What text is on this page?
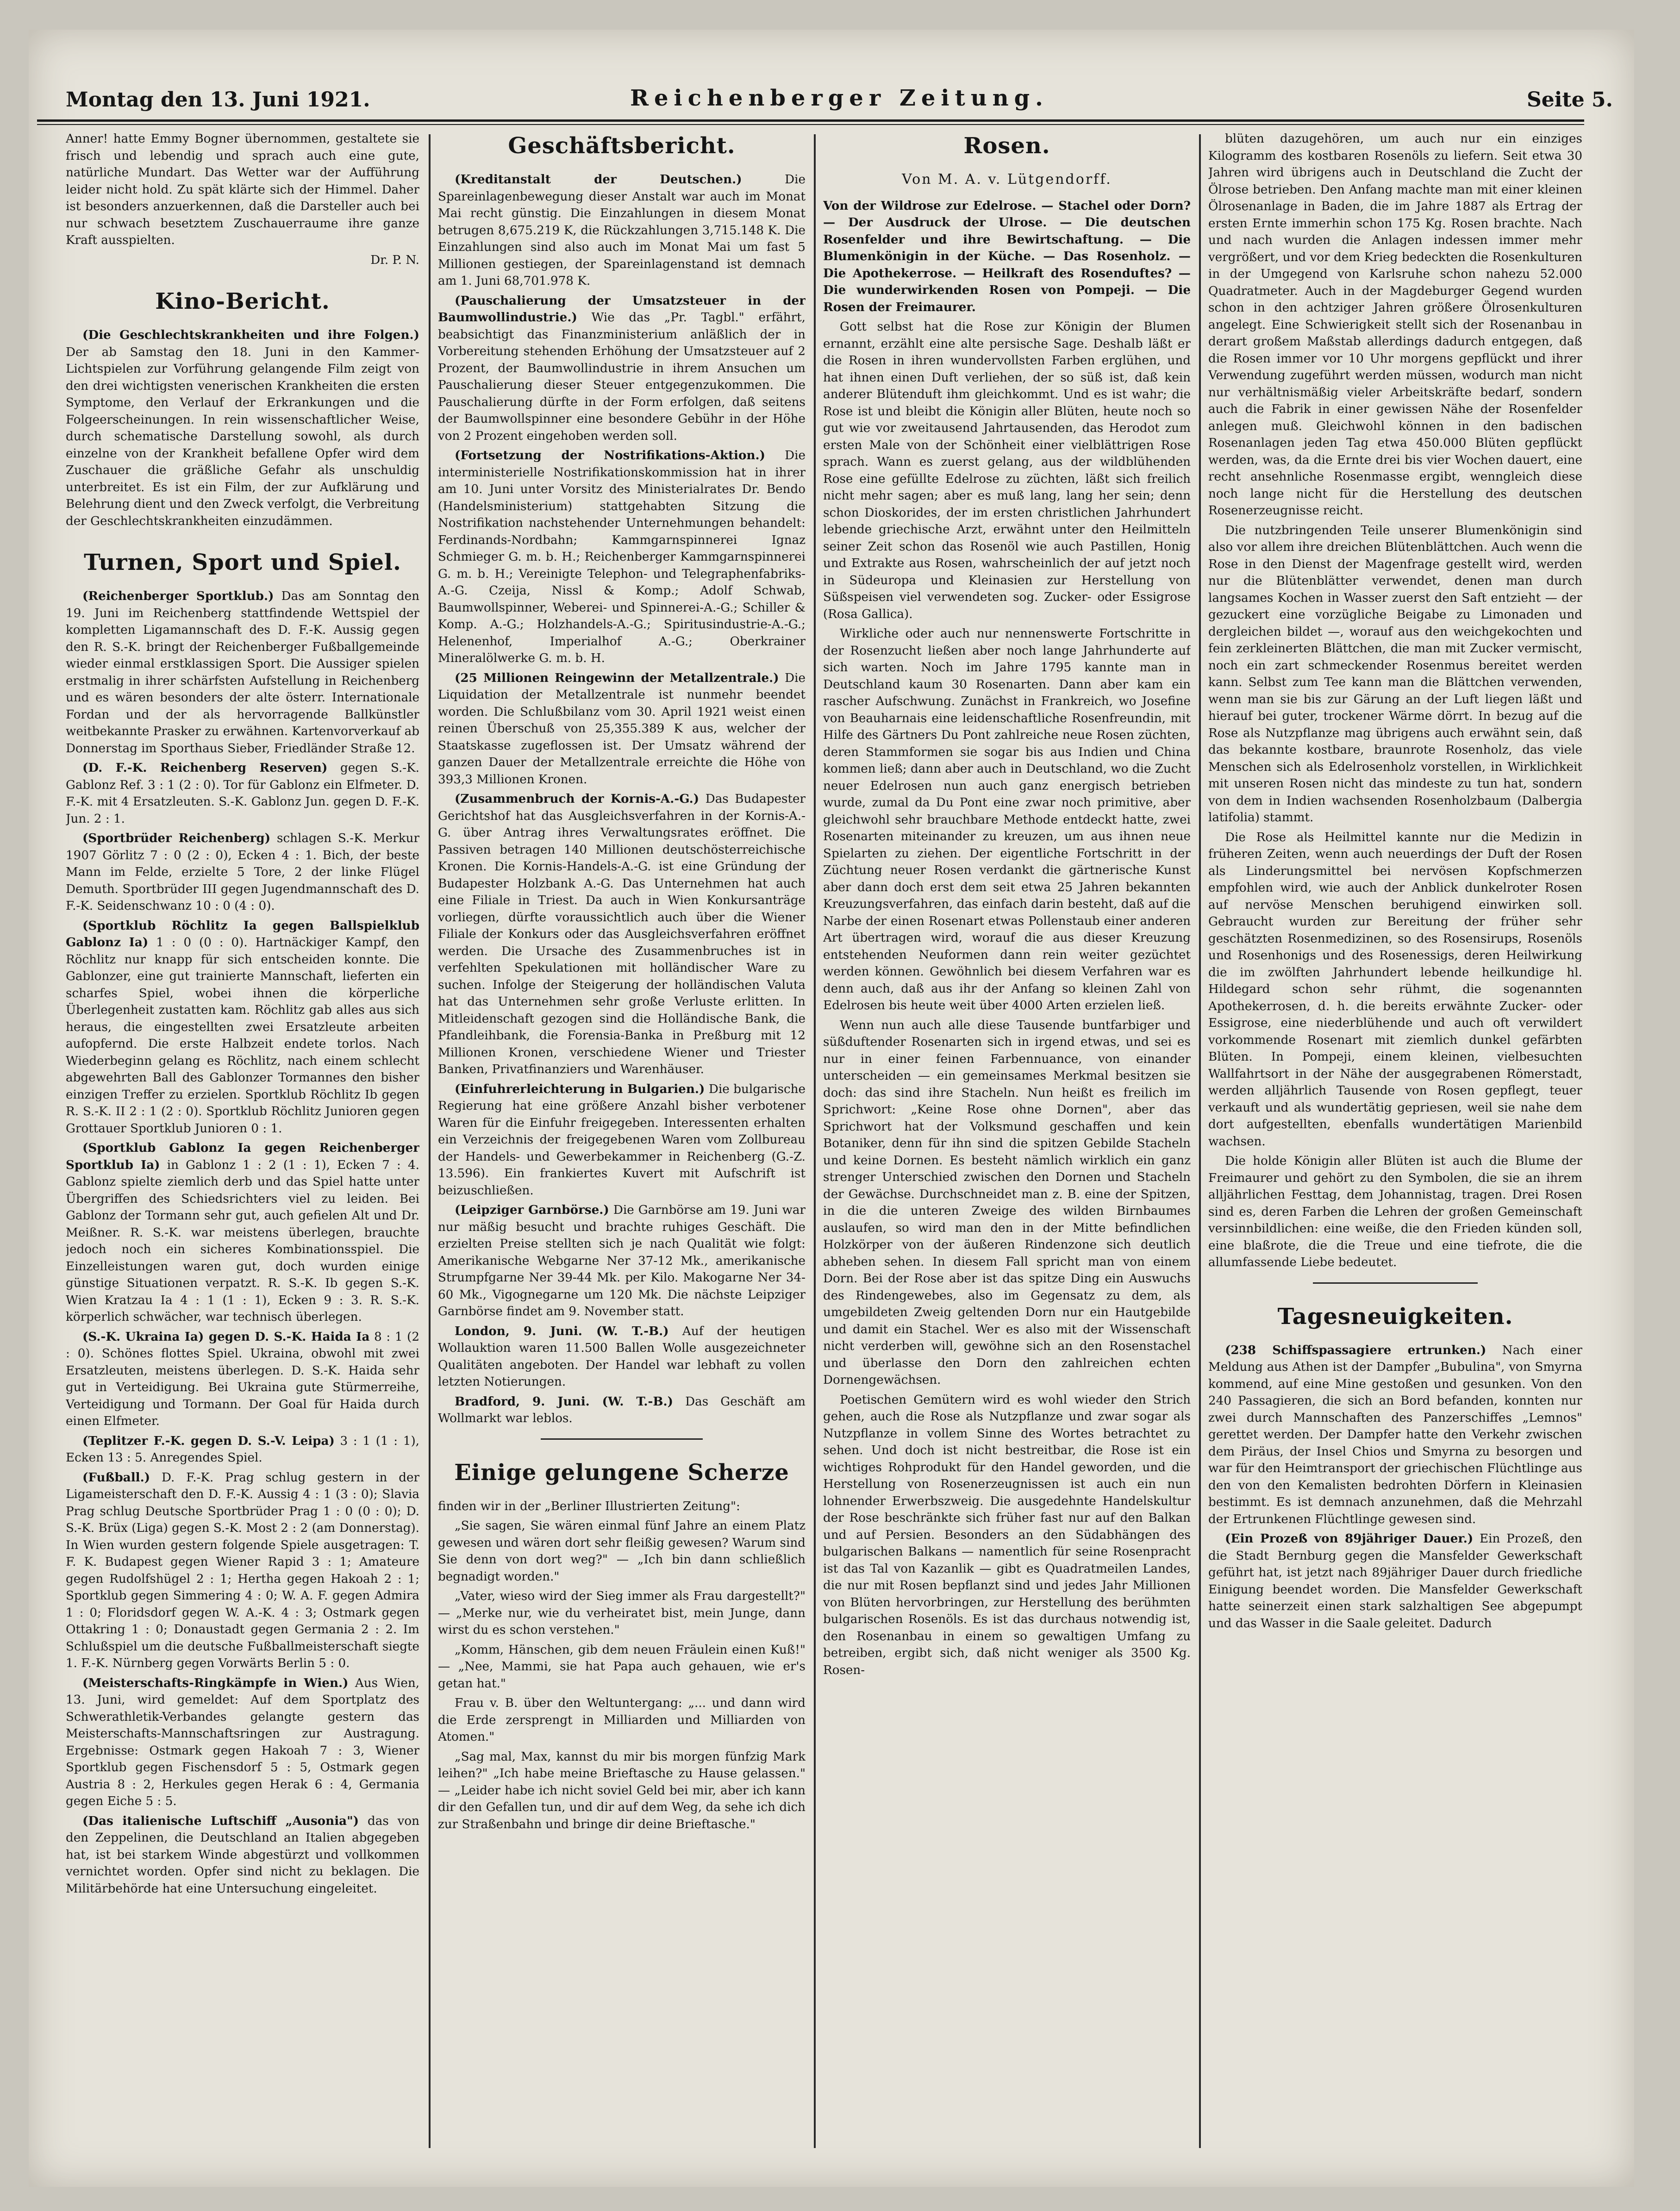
Montag den 13. Juni 1921.	Reichenberger Zeitung.	Seite 5.

Anner! hatte Emmy Bogner übernommen, gestaltete sie frisch und lebendig und sprach auch eine gute, natürliche Mundart. Das Wetter war der Aufführung leider nicht hold. Zu spät klärte sich der Himmel. Daher ist besonders anzuerkennen, daß die Darsteller auch bei nur schwach besetztem Zuschauerraume ihre ganze Kraft ausspielten.

Dr. P. N.

Kino-Bericht.

(Die Geschlechtskrankheiten und ihre Folgen.) Der ab Samstag den 18. Juni in den Kammer-Lichtspielen zur Vorführung gelangende Film zeigt von den drei wichtigsten venerischen Krankheiten die ersten Symptome, den Verlauf der Erkrankungen und die Folgeerscheinungen. In rein wissenschaftlicher Weise, durch schematische Darstellung sowohl, als durch einzelne von der Krankheit befallene Opfer wird dem Zuschauer die gräßliche Gefahr als unschuldig unterbreitet. Es ist ein Film, der zur Aufklärung und Belehrung dient und den Zweck verfolgt, die Verbreitung der Geschlechtskrankheiten einzudämmen.

Turnen, Sport und Spiel.

(Reichenberger Sportklub.) Das am Sonntag den 19. Juni im Reichenberg stattfindende Wettspiel der kompletten Ligamannschaft des D. F.-K. Aussig gegen den R. S.-K. bringt der Reichenberger Fußballgemeinde wieder einmal erstklassigen Sport. Die Aussiger spielen erstmalig in ihrer schärfsten Aufstellung in Reichenberg und es wären besonders der alte österr. Internationale Fordan und der als hervorragende Ballkünstler weitbekannte Prasker zu erwähnen. Kartenvorverkauf ab Donnerstag im Sporthaus Sieber, Friedländer Straße 12.

(D. F.-K. Reichenberg Reserven) gegen S.-K. Gablonz Ref. 3 : 1 (2 : 0). Tor für Gablonz ein Elfmeter. D. F.-K. mit 4 Ersatzleuten. S.-K. Gablonz Jun. gegen D. F.-K. Jun. 2 : 1.

(Sportbrüder Reichenberg) schlagen S.-K. Merkur 1907 Görlitz 7 : 0 (2 : 0), Ecken 4 : 1. Bich, der beste Mann im Felde, erzielte 5 Tore, 2 der linke Flügel Demuth. Sportbrüder III gegen Jugendmannschaft des D. F.-K. Seidenschwanz 10 : 0 (4 : 0).

(Sportklub Röchlitz Ia gegen Ballspielklub Gablonz Ia) 1 : 0 (0 : 0). Hartnäckiger Kampf, den Röchlitz nur knapp für sich entscheiden konnte. Die Gablonzer, eine gut trainierte Mannschaft, lieferten ein scharfes Spiel, wobei ihnen die körperliche Überlegenheit zustatten kam. Röchlitz gab alles aus sich heraus, die eingestellten zwei Ersatzleute arbeiten aufopfernd. Die erste Halbzeit endete torlos. Nach Wiederbeginn gelang es Röchlitz, nach einem schlecht abgewehrten Ball des Gablonzer Tormannes den bisher einzigen Treffer zu erzielen. Sportklub Röchlitz Ib gegen R. S.-K. II 2 : 1 (2 : 0). Sportklub Röchlitz Junioren gegen Grottauer Sportklub Junioren 0 : 1.

(Sportklub Gablonz Ia gegen Reichenberger Sportklub Ia) in Gablonz 1 : 2 (1 : 1), Ecken 7 : 4. Gablonz spielte ziemlich derb und das Spiel hatte unter Übergriffen des Schiedsrichters viel zu leiden. Bei Gablonz der Tormann sehr gut, auch gefielen Alt und Dr. Meißner. R. S.-K. war meistens überlegen, brauchte jedoch noch ein sicheres Kombinationsspiel. Die Einzelleistungen waren gut, doch wurden einige günstige Situationen verpatzt. R. S.-K. Ib gegen S.-K. Wien Kratzau Ia 4 : 1 (1 : 1), Ecken 9 : 3. R. S.-K. körperlich schwächer, war technisch überlegen.

(S.-K. Ukraina Ia) gegen D. S.-K. Haida Ia 8 : 1 (2 : 0). Schönes flottes Spiel. Ukraina, obwohl mit zwei Ersatzleuten, meistens überlegen. D. S.-K. Haida sehr gut in Verteidigung. Bei Ukraina gute Stürmerreihe, Verteidigung und Tormann. Der Goal für Haida durch einen Elfmeter.

(Teplitzer F.-K. gegen D. S.-V. Leipa) 3 : 1 (1 : 1), Ecken 13 : 5. Anregendes Spiel.

(Fußball.) D. F.-K. Prag schlug gestern in der Ligameisterschaft den D. F.-K. Aussig 4 : 1 (3 : 0); Slavia Prag schlug Deutsche Sportbrüder Prag 1 : 0 (0 : 0); D. S.-K. Brüx (Liga) gegen S.-K. Most 2 : 2 (am Donnerstag). In Wien wurden gestern folgende Spiele ausgetragen: T. F. K. Budapest gegen Wiener Rapid 3 : 1; Amateure gegen Rudolfshügel 2 : 1; Hertha gegen Hakoah 2 : 1; Sportklub gegen Simmering 4 : 0; W. A. F. gegen Admira 1 : 0; Floridsdorf gegen W. A.-K. 4 : 3; Ostmark gegen Ottakring 1 : 0; Donaustadt gegen Germania 2 : 2. Im Schlußspiel um die deutsche Fußballmeisterschaft siegte 1. F.-K. Nürnberg gegen Vorwärts Berlin 5 : 0.

(Meisterschafts-Ringkämpfe in Wien.) Aus Wien, 13. Juni, wird gemeldet: Auf dem Sportplatz des Schwerathletik-Verbandes gelangte gestern das Meisterschafts-Mannschaftsringen zur Austragung. Ergebnisse: Ostmark gegen Hakoah 7 : 3, Wiener Sportklub gegen Fischensdorf 5 : 5, Ostmark gegen Austria 8 : 2, Herkules gegen Herak 6 : 4, Germania gegen Eiche 5 : 5.

(Das italienische Luftschiff „Ausonia") das von den Zeppelinen, die Deutschland an Italien abgegeben hat, ist bei starkem Winde abgestürzt und vollkommen vernichtet worden. Opfer sind nicht zu beklagen. Die Militärbehörde hat eine Untersuchung eingeleitet.

Geschäftsbericht.

(Kreditanstalt der Deutschen.)	Die Spareinlagenbewegung dieser Anstalt war auch im Monat Mai recht günstig. Die Einzahlungen in diesem Monat betrugen 8,675.219 K, die Rückzahlungen 3,715.148 K. Die Einzahlungen sind also auch im Monat Mai um fast 5 Millionen gestiegen, der Spareinlagenstand ist demnach am 1. Juni 68,701.978 K.

(Pauschalierung der Umsatzsteuer in der Baumwollindustrie.) Wie das „Pr. Tagbl." erfährt, beabsichtigt das Finanzministerium anläßlich der in Vorbereitung stehenden Erhöhung der Umsatzsteuer auf 2 Prozent, der Baumwollindustrie in ihrem Ansuchen um Pauschalierung dieser Steuer entgegenzukommen. Die Pauschalierung dürfte in der Form erfolgen, daß seitens der Baumwollspinner eine besondere Gebühr in der Höhe von 2 Prozent eingehoben werden soll.

(Fortsetzung der Nostrifikations-Aktion.) Die interministerielle Nostrifikationskommission hat in ihrer am 10. Juni unter Vorsitz des Ministerialrates Dr. Bendo (Handelsministerium) stattgehabten Sitzung die Nostrifikation nachstehender Unternehmungen behandelt: Ferdinands-Nordbahn; Kammgarnspinnerei Ignaz Schmieger G. m. b. H.; Reichenberger Kammgarnspinnerei G. m. b. H.; Vereinigte Telephon- und Telegraphenfabriks-A.-G. Czeija, Nissl & Komp.; Adolf Schwab, Baumwollspinner, Weberei- und Spinnerei-A.-G.; Schiller & Komp. A.-G.; Holzhandels-A.-G.; Spiritusindustrie-A.-G.; Helenenhof, Imperialhof A.-G.; Oberkrainer Mineralölwerke G. m. b. H.

(25 Millionen Reingewinn der Metallzentrale.) Die Liquidation der Metallzentrale ist nunmehr beendet worden. Die Schlußbilanz vom 30. April 1921 weist einen reinen Überschuß von 25,355.389 K aus, welcher der Staatskasse zugeflossen ist. Der Umsatz während der ganzen Dauer der Metallzentrale erreichte die Höhe von 393,3 Millionen Kronen.

(Zusammenbruch der Kornis-A.-G.) Das Budapester Gerichtshof hat das Ausgleichsverfahren in der Kornis-A.-G. über Antrag ihres Verwaltungsrates eröffnet. Die Passiven betragen 140 Millionen deutschösterreichische Kronen. Die Kornis-Handels-A.-G. ist eine Gründung der Budapester Holzbank A.-G. Das Unternehmen hat auch eine Filiale in Triest. Da auch in Wien Konkursanträge vorliegen, dürfte voraussichtlich auch über die Wiener Filiale der Konkurs oder das Ausgleichsverfahren eröffnet werden. Die Ursache des Zusammenbruches ist in verfehlten Spekulationen mit holländischer Ware zu suchen. Infolge der Steigerung der holländischen Valuta hat das Unternehmen sehr große Verluste erlitten. In Mitleidenschaft gezogen sind die Holländische Bank, die Pfandleihbank, die Forensia-Banka in Preßburg mit 12 Millionen Kronen, verschiedene Wiener und Triester Banken, Privatfinanziers und Warenhäuser.

(Einfuhrerleichterung in Bulgarien.) Die bulgarische Regierung hat eine größere Anzahl bisher verbotener Waren für die Einfuhr freigegeben. Interessenten erhalten ein Verzeichnis der freigegebenen Waren vom Zollbureau der Handels- und Gewerbekammer in Reichenberg (G.-Z. 13.596). Ein frankiertes Kuvert mit Aufschrift ist beizuschließen.

(Leipziger Garnbörse.) Die Garnbörse am 19. Juni war nur mäßig besucht und brachte ruhiges Geschäft. Die erzielten Preise stellten sich je nach Qualität wie folgt: Amerikanische Webgarne Ner 37-12 Mk., amerikanische Strumpfgarne Ner 39-44 Mk. per Kilo. Makogarne Ner 34-60 Mk., Vigognegarne um 120 Mk. Die nächste Leipziger Garnbörse findet am 9. November statt.

London, 9. Juni. (W. T.-B.) Auf der heutigen Wollauktion waren 11.500 Ballen Wolle ausgezeichneter Qualitäten angeboten. Der Handel war lebhaft zu vollen letzten Notierungen.

Bradford, 9. Juni. (W. T.-B.) Das Geschäft am Wollmarkt war leblos.

Einige gelungene Scherze

finden wir in der „Berliner Illustrierten Zeitung":

„Sie sagen, Sie wären einmal fünf Jahre an einem Platz gewesen und wären dort sehr fleißig gewesen? Warum sind Sie denn von dort weg?" — „Ich bin dann schließlich begnadigt worden."

„Vater, wieso wird der Sieg immer als Frau dargestellt?" — „Merke nur, wie du verheiratet bist, mein Junge, dann wirst du es schon verstehen."

„Komm, Hänschen, gib dem neuen Fräulein einen Kuß!" — „Nee, Mammi, sie hat Papa auch gehauen, wie er's getan hat."

Frau v. B. über den Weltuntergang: „... und dann wird die Erde zersprengt in Milliarden und Milliarden von Atomen."

„Sag mal, Max, kannst du mir bis morgen fünfzig Mark leihen?" „Ich habe meine Brieftasche zu Hause gelassen." — „Leider habe ich nicht soviel Geld bei mir, aber ich kann dir den Gefallen tun, und dir auf dem Weg, da sehe ich dich zur Straßenbahn und bringe dir deine Brieftasche."

Rosen.
Von M. A. v. Lütgendorff.

Von der Wildrose zur Edelrose. — Stachel oder Dorn? — Der Ausdruck der Ulrose. — Die deutschen Rosenfelder und ihre Bewirtschaftung. — Die Blumenkönigin in der Küche. — Das Rosenholz. — Die Apothekerrose. — Heilkraft des Rosenduftes? — Die wunderwirkenden Rosen von Pompeji. — Die Rosen der Freimaurer.

Gott selbst hat die Rose zur Königin der Blumen ernannt, erzählt eine alte persische Sage. Deshalb läßt er die Rosen in ihren wundervollsten Farben erglühen, und hat ihnen einen Duft verliehen, der so süß ist, daß kein anderer Blütenduft ihm gleichkommt. Und es ist wahr; die Rose ist und bleibt die Königin aller Blüten, heute noch so gut wie vor zweitausend Jahrtausenden, das Herodot zum ersten Male von der Schönheit einer vielblättrigen Rose sprach. Wann es zuerst gelang, aus der wildblühenden Rose eine gefüllte Edelrose zu züchten, läßt sich freilich nicht mehr sagen; aber es muß lang, lang her sein; denn schon Dioskorides, der im ersten christlichen Jahrhundert lebende griechische Arzt, erwähnt unter den Heilmitteln seiner Zeit schon das Rosenöl wie auch Pastillen, Honig und Extrakte aus Rosen, wahrscheinlich der auf jetzt noch in Südeuropa und Kleinasien zur Herstellung von Süßspeisen viel verwendeten sog. Zucker- oder Essigrose (Rosa Gallica).

Wirkliche oder auch nur nennenswerte Fortschritte in der Rosenzucht ließen aber noch lange Jahrhunderte auf sich warten. Noch im Jahre 1795 kannte man in Deutschland kaum 30 Rosenarten. Dann aber kam ein rascher Aufschwung. Zunächst in Frankreich, wo Josefine von Beauharnais eine leidenschaftliche Rosenfreundin, mit Hilfe des Gärtners Du Pont zahlreiche neue Rosen züchten, deren Stammformen sie sogar bis aus Indien und China kommen ließ; dann aber auch in Deutschland, wo die Zucht neuer Edelrosen nun auch ganz energisch betrieben wurde, zumal da Du Pont eine zwar noch primitive, aber gleichwohl sehr brauchbare Methode entdeckt hatte, zwei Rosenarten miteinander zu kreuzen, um aus ihnen neue Spielarten zu ziehen. Der eigentliche Fortschritt in der Züchtung neuer Rosen verdankt die gärtnerische Kunst aber dann doch erst dem seit etwa 25 Jahren bekannten Kreuzungsverfahren, das einfach darin besteht, daß auf die Narbe der einen Rosenart etwas Pollenstaub einer anderen Art übertragen wird, worauf die aus dieser Kreuzung entstehenden Neuformen dann rein weiter gezüchtet werden können. Gewöhnlich bei diesem Verfahren war es denn auch, daß aus ihr der Anfang so kleinen Zahl von Edelrosen bis heute weit über 4000 Arten erzielen ließ.

Wenn nun auch alle diese Tausende buntfarbiger und süßduftender Rosenarten sich in irgend etwas, und sei es nur in einer feinen Farbennuance, von einander unterscheiden — ein gemeinsames Merkmal besitzen sie doch: das sind ihre Stacheln. Nun heißt es freilich im Sprichwort: „Keine Rose ohne Dornen", aber das Sprichwort hat der Volksmund geschaffen und kein Botaniker, denn für ihn sind die spitzen Gebilde Stacheln und keine Dornen. Es besteht nämlich wirklich ein ganz strenger Unterschied zwischen den Dornen und Stacheln der Gewächse. Durchschneidet man z. B. eine der Spitzen, in die die unteren Zweige des wilden Birnbaumes auslaufen, so wird man den in der Mitte befindlichen Holzkörper von der äußeren Rindenzone sich deutlich abheben sehen. In diesem Fall spricht man von einem Dorn. Bei der Rose aber ist das spitze Ding ein Auswuchs des Rindengewebes, also im Gegensatz zu dem, als umgebildeten Zweig geltenden Dorn nur ein Hautgebilde und damit ein Stachel. Wer es also mit der Wissenschaft nicht verderben will, gewöhne sich an den Rosenstachel und überlasse den Dorn den zahlreichen echten Dornengewächsen.

Poetischen Gemütern wird es wohl wieder den Strich gehen, auch die Rose als Nutzpflanze und zwar sogar als Nutzpflanze in vollem Sinne des Wortes betrachtet zu sehen. Und doch ist nicht bestreitbar, die Rose ist ein wichtiges Rohprodukt für den Handel geworden, und die Herstellung von Rosenerzeugnissen ist auch ein nun lohnender Erwerbszweig. Die ausgedehnte Handelskultur der Rose beschränkte sich früher fast nur auf den Balkan und auf Persien. Besonders an den Südabhängen des bulgarischen Balkans — namentlich für seine Rosenpracht ist das Tal von Kazanlik — gibt es Quadratmeilen Landes, die nur mit Rosen bepflanzt sind und jedes Jahr Millionen von Blüten hervorbringen, zur Herstellung des berühmten bulgarischen Rosenöls. Es ist das durchaus notwendig ist, den Rosenanbau in einem so gewaltigen Umfang zu betreiben, ergibt sich, daß nicht weniger als 3500 Kg. Rosen-

blüten dazugehören, um auch nur ein einziges Kilogramm des kostbaren Rosenöls zu liefern. Seit etwa 30 Jahren wird übrigens auch in Deutschland die Zucht der Ölrose betrieben. Den Anfang machte man mit einer kleinen Ölrosenanlage in Baden, die im Jahre 1887 als Ertrag der ersten Ernte immerhin schon 175 Kg. Rosen brachte. Nach und nach wurden die Anlagen indessen immer mehr vergrößert, und vor dem Krieg bedeckten die Rosenkulturen in der Umgegend von Karlsruhe schon nahezu 52.000 Quadratmeter. Auch in der Magdeburger Gegend wurden schon in den achtziger Jahren größere Ölrosenkulturen angelegt. Eine Schwierigkeit stellt sich der Rosenanbau in derart großem Maßstab allerdings dadurch entgegen, daß die Rosen immer vor 10 Uhr morgens gepflückt und ihrer Verwendung zugeführt werden müssen, wodurch man nicht nur verhältnismäßig vieler Arbeitskräfte bedarf, sondern auch die Fabrik in einer gewissen Nähe der Rosenfelder anlegen muß. Gleichwohl können in den badischen Rosenanlagen jeden Tag etwa 450.000 Blüten gepflückt werden, was, da die Ernte drei bis vier Wochen dauert, eine recht ansehnliche Rosenmasse ergibt, wenngleich diese noch lange nicht für die Herstellung des deutschen Rosenerzeugnisse reicht.

Die nutzbringenden Teile unserer Blumenkönigin sind also vor allem ihre dreichen Blütenblättchen. Auch wenn die Rose in den Dienst der Magenfrage gestellt wird, werden nur die Blütenblätter verwendet, denen man durch langsames Kochen in Wasser zuerst den Saft entzieht — der gezuckert eine vorzügliche Beigabe zu Limonaden und dergleichen bildet —, worauf aus den weichgekochten und fein zerkleinerten Blättchen, die man mit Zucker vermischt, noch ein zart schmeckender Rosenmus bereitet werden kann. Selbst zum Tee kann man die Blättchen verwenden, wenn man sie bis zur Gärung an der Luft liegen läßt und hierauf bei guter, trockener Wärme dörrt. In bezug auf die Rose als Nutzpflanze mag übrigens auch erwähnt sein, daß das bekannte kostbare, braunrote Rosenholz, das viele Menschen sich als Edelrosenholz vorstellen, in Wirklichkeit mit unseren Rosen nicht das mindeste zu tun hat, sondern von dem in Indien wachsenden Rosenholzbaum (Dalbergia latifolia) stammt.

Die Rose als Heilmittel kannte nur die Medizin in früheren Zeiten, wenn auch neuerdings der Duft der Rosen als Linderungsmittel bei nervösen Kopfschmerzen empfohlen wird, wie auch der Anblick dunkelroter Rosen auf nervöse Menschen beruhigend einwirken soll. Gebraucht wurden zur Bereitung der früher sehr geschätzten Rosenmedizinen, so des Rosensirups, Rosenöls und Rosenhonigs und des Rosenessigs, deren Heilwirkung die im zwölften Jahrhundert lebende heilkundige hl. Hildegard schon sehr rühmt, die sogenannten Apothekerrosen, d. h. die bereits erwähnte Zucker- oder Essigrose, eine niederblühende und auch oft verwildert vorkommende Rosenart mit ziemlich dunkel gefärbten Blüten. In Pompeji, einem kleinen, vielbesuchten Wallfahrtsort in der Nähe der ausgegrabenen Römerstadt, werden alljährlich Tausende von Rosen gepflegt, teuer verkauft und als wundertätig gepriesen, weil sie nahe dem dort aufgestellten, ebenfalls wundertätigen Marienbild wachsen.

Die holde Königin aller Blüten ist auch die Blume der Freimaurer und gehört zu den Symbolen, die sie an ihrem alljährlichen Festtag, dem Johannistag, tragen. Drei Rosen sind es, deren Farben die Lehren der großen Gemeinschaft versinnbildlichen: eine weiße, die den Frieden künden soll, eine blaßrote, die die Treue und eine tiefrote, die die allumfassende Liebe bedeutet.

Tagesneuigkeiten.

(238 Schiffspassagiere ertrunken.) Nach einer Meldung aus Athen ist der Dampfer „Bubulina", von Smyrna kommend, auf eine Mine gestoßen und gesunken. Von den 240 Passagieren, die sich an Bord befanden, konnten nur zwei durch Mannschaften des Panzerschiffes „Lemnos" gerettet werden. Der Dampfer hatte den Verkehr zwischen dem Piräus, der Insel Chios und Smyrna zu besorgen und war für den Heimtransport der griechischen Flüchtlinge aus den von den Kemalisten bedrohten Dörfern in Kleinasien bestimmt. Es ist demnach anzunehmen, daß die Mehrzahl der Ertrunkenen Flüchtlinge gewesen sind.

(Ein Prozeß von 89jähriger Dauer.) Ein Prozeß, den die Stadt Bernburg gegen die Mansfelder Gewerkschaft geführt hat, ist jetzt nach 89jähriger Dauer durch friedliche Einigung beendet worden. Die Mansfelder Gewerkschaft hatte seinerzeit einen stark salzhaltigen See abgepumpt und das Wasser in die Saale geleitet. Dadurch
